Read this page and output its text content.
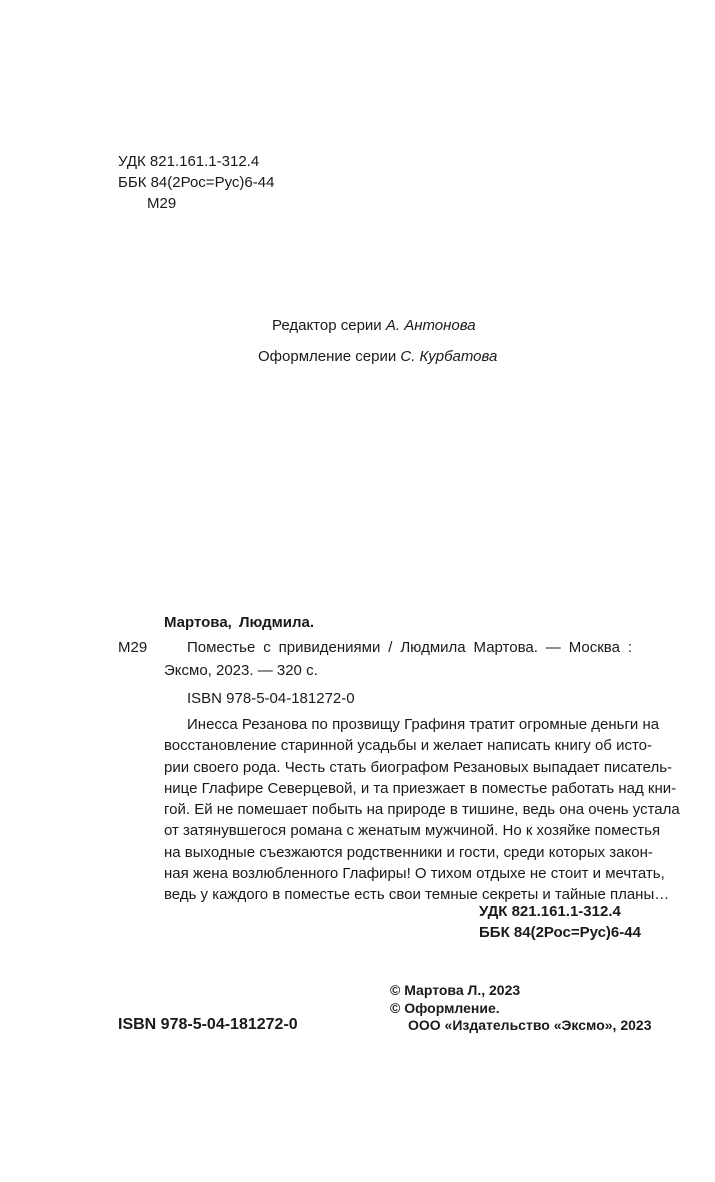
УДК 821.161.1-312.4
ББК 84(2Рос=Рус)6-44
М29
Редактор серии А. Антонова
Оформление серии С. Курбатова
Мартова, Людмила.
М29	Поместье с привидениями / Людмила Мартова. — Москва :
Эксмо, 2023. — 320 с.
ISBN 978-5-04-181272-0
Инесса Резанова по прозвищу Графиня тратит огромные деньги на
восстановление старинной усадьбы и желает написать книгу об исто-
рии своего рода. Честь стать биографом Резановых выпадает писатель-
нице Глафире Северцевой, и та приезжает в поместье работать над кни-
гой. Ей не помешает побыть на природе в тишине, ведь она очень устала
от затянувшегося романа с женатым мужчиной. Но к хозяйке поместья
на выходные съезжаются родственники и гости, среди которых закон-
ная жена возлюбленного Глафиры! О тихом отдыхе не стоит и мечтать,
ведь у каждого в поместье есть свои темные секреты и тайные планы…
УДК 821.161.1-312.4
ББК 84(2Рос=Рус)6-44
© Мартова Л., 2023
© Оформление.
ООО «Издательство «Эксмо», 2023
ISBN 978-5-04-181272-0
